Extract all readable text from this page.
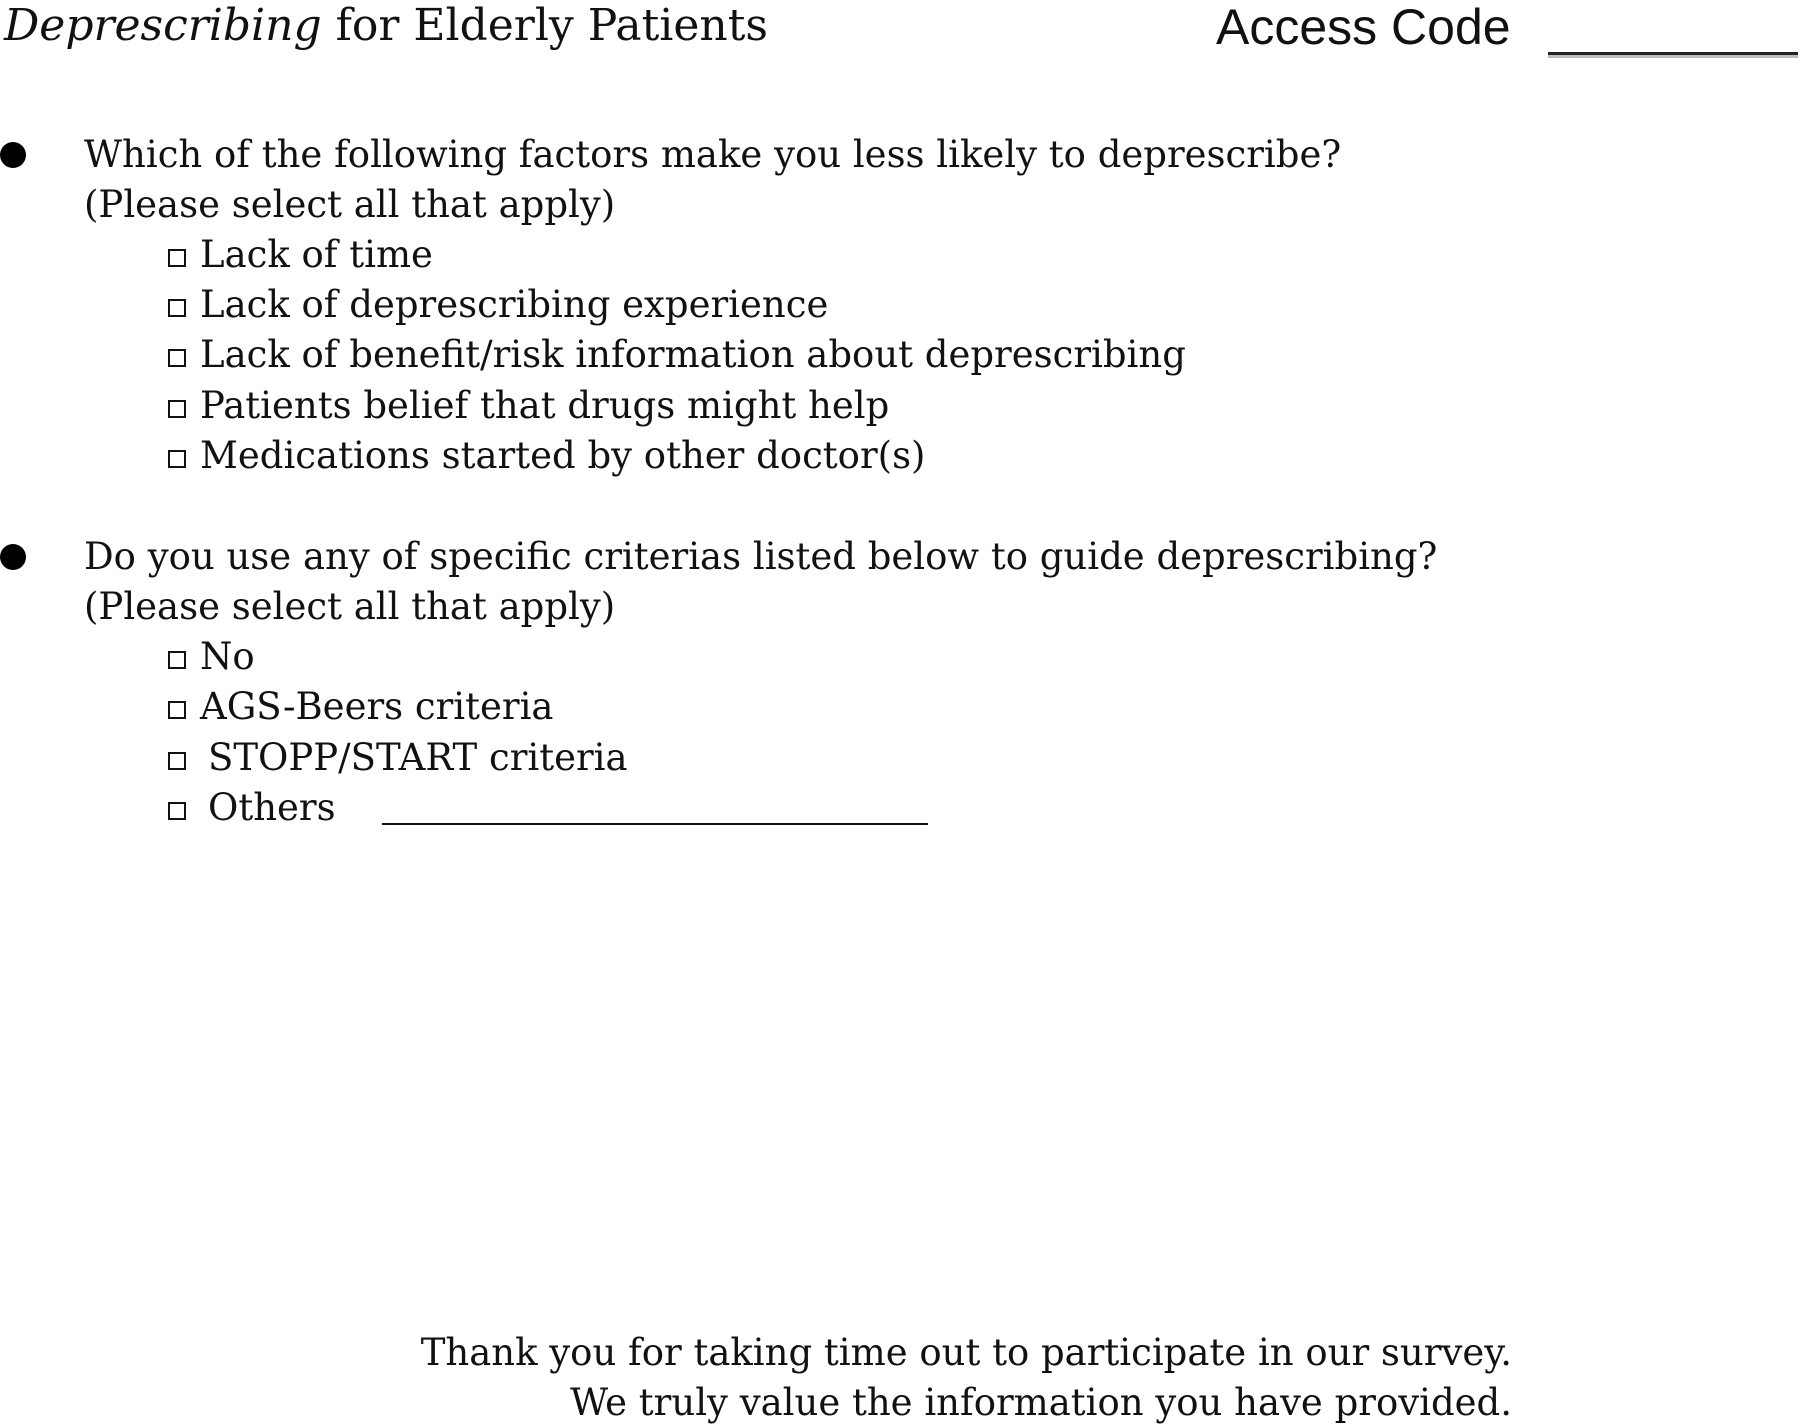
Deprescribing for Elderly Patients	Access Code
Which of the following factors make you less likely to deprescribe?
(Please select all that apply)
Lack of time
Lack of deprescribing experience
Lack of benefit/risk information about deprescribing
Patients belief that drugs might help
Medications started by other doctor(s)
Do you use any of specific criterias listed below to guide deprescribing?
(Please select all that apply)
No
AGS-Beers criteria
STOPP/START criteria
Others
Thank you for taking time out to participate in our survey.
We truly value the information you have provided.
